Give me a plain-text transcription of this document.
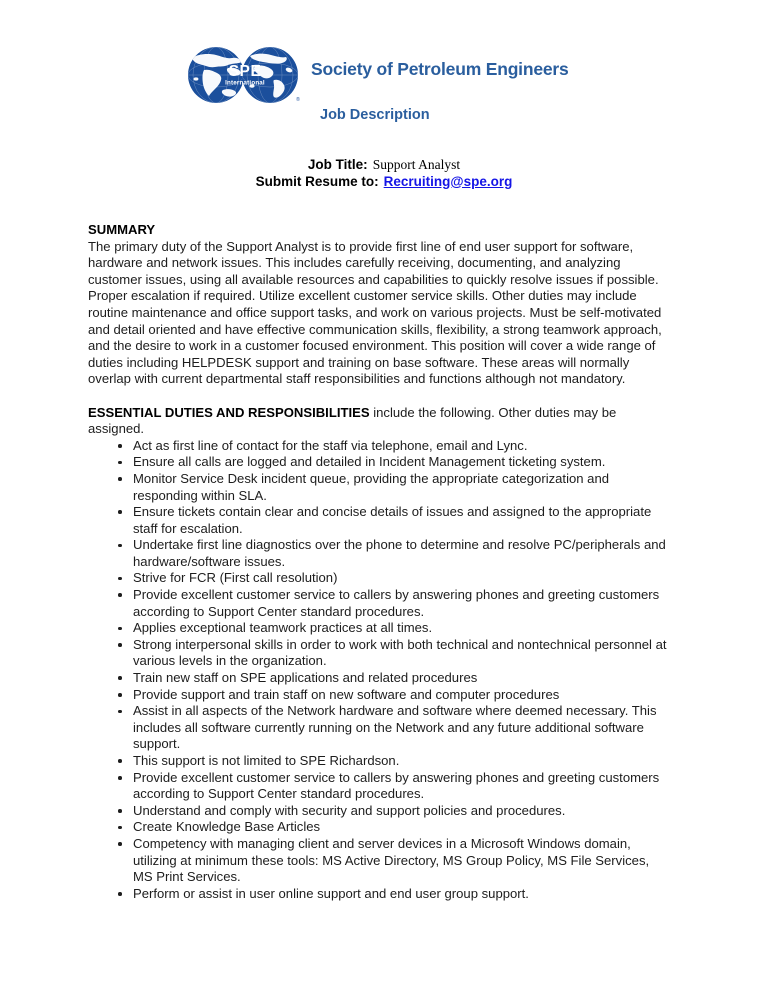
SPE
International
®
Society of Petroleum Engineers
Job Description
Job Title: Support Analyst
Submit Resume to: Recruiting@spe.org
SUMMARY

The primary duty of the Support Analyst is to provide first line of end user support for software, hardware and network issues. This includes carefully receiving, documenting, and analyzing customer issues, using all available resources and capabilities to quickly resolve issues if possible. Proper escalation if required. Utilize excellent customer service skills. Other duties may include routine maintenance and office support tasks, and work on various projects. Must be self-motivated and detail oriented and have effective communication skills, flexibility, a strong teamwork approach, and the desire to work in a customer focused environment. This position will cover a wide range of duties including HELPDESK support and training on base software. These areas will normally overlap with current departmental staff responsibilities and functions although not mandatory.

ESSENTIAL DUTIES AND RESPONSIBILITIES include the following. Other duties may be assigned.

Act as first line of contact for the staff via telephone, email and Lync.
Ensure all calls are logged and detailed in Incident Management ticketing system.
Monitor Service Desk incident queue, providing the appropriate categorization and responding within SLA.
Ensure tickets contain clear and concise details of issues and assigned to the appropriate staff for escalation.
Undertake first line diagnostics over the phone to determine and resolve PC/peripherals and hardware/software issues.
Strive for FCR (First call resolution)
Provide excellent customer service to callers by answering phones and greeting customers according to Support Center standard procedures.
Applies exceptional teamwork practices at all times.
Strong interpersonal skills in order to work with both technical and nontechnical personnel at various levels in the organization.
Train new staff on SPE applications and related procedures
Provide support and train staff on new software and computer procedures
Assist in all aspects of the Network hardware and software where deemed necessary. This includes all software currently running on the Network and any future additional software support.
This support is not limited to SPE Richardson.
Provide excellent customer service to callers by answering phones and greeting customers according to Support Center standard procedures.
Understand and comply with security and support policies and procedures.
Create Knowledge Base Articles
Competency with managing client and server devices in a Microsoft Windows domain, utilizing at minimum these tools: MS Active Directory, MS Group Policy, MS File Services, MS Print Services.
Perform or assist in user online support and end user group support.
